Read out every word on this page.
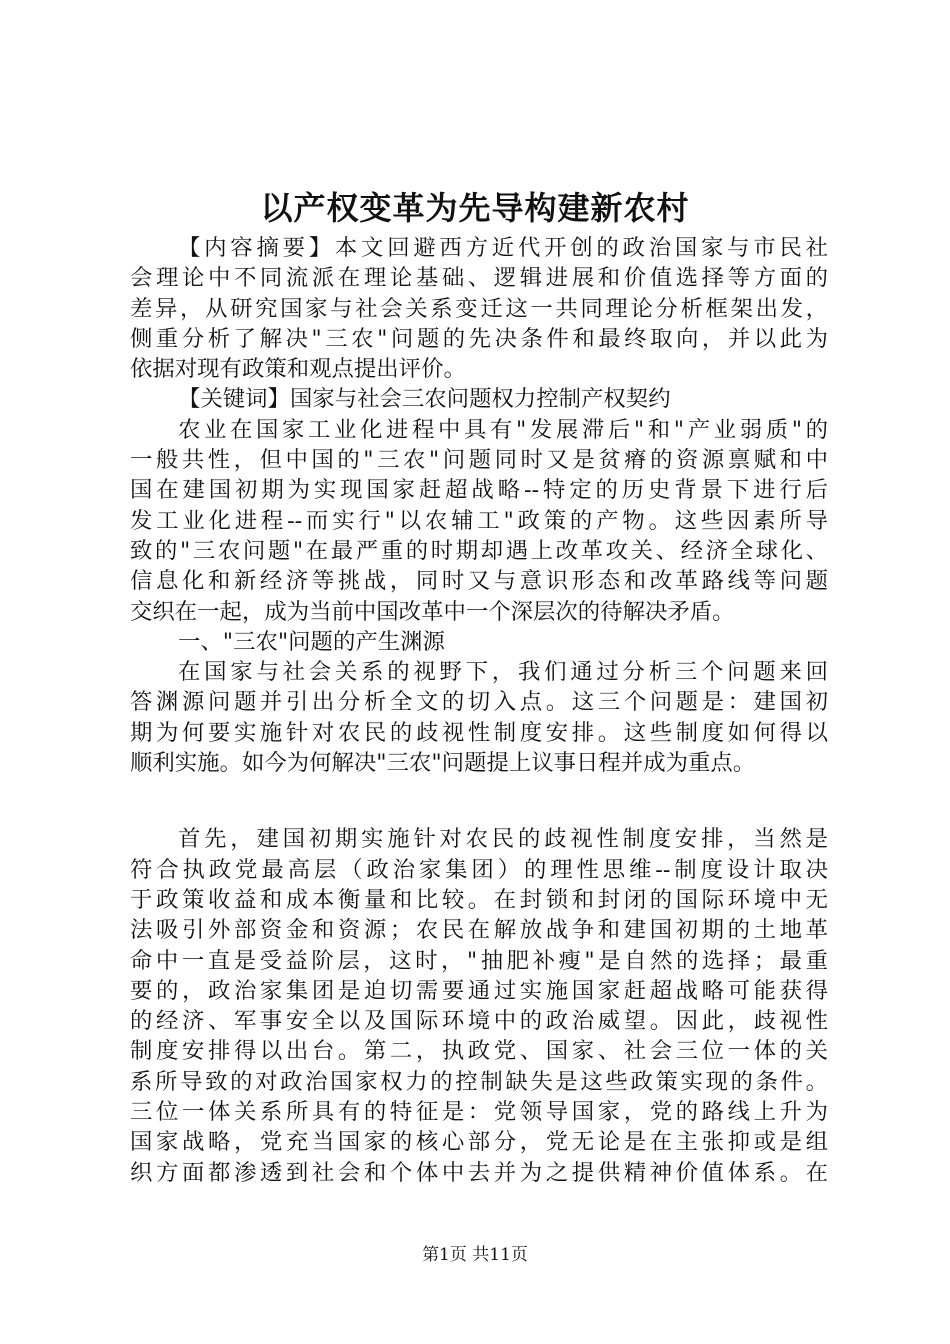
以产权变革为先导构建新农村
【内容摘要】本文回避西方近代开创的政治国家与市民社
会理论中不同流派在理论基础、逻辑进展和价值选择等方面的
差异，从研究国家与社会关系变迁这一共同理论分析框架出发，
侧重分析了解决"三农"问题的先决条件和最终取向，并以此为
依据对现有政策和观点提出评价。
【关键词】国家与社会三农问题权力控制产权契约
农业在国家工业化进程中具有"发展滞后"和"产业弱质"的
一般共性，但中国的"三农"问题同时又是贫瘠的资源禀赋和中
国在建国初期为实现国家赶超战略--特定的历史背景下进行后
发工业化进程--而实行"以农辅工"政策的产物。这些因素所导
致的"三农问题"在最严重的时期却遇上改革攻关、经济全球化、
信息化和新经济等挑战，同时又与意识形态和改革路线等问题
交织在一起，成为当前中国改革中一个深层次的待解决矛盾。
一、"三农"问题的产生渊源
在国家与社会关系的视野下，我们通过分析三个问题来回
答渊源问题并引出分析全文的切入点。这三个问题是：建国初
期为何要实施针对农民的歧视性制度安排。这些制度如何得以
顺利实施。如今为何解决"三农"问题提上议事日程并成为重点。
首先，建国初期实施针对农民的歧视性制度安排，当然是
符合执政党最高层（政治家集团）的理性思维--制度设计取决
于政策收益和成本衡量和比较。在封锁和封闭的国际环境中无
法吸引外部资金和资源；农民在解放战争和建国初期的土地革
命中一直是受益阶层，这时，"抽肥补瘦"是自然的选择；最重
要的，政治家集团是迫切需要通过实施国家赶超战略可能获得
的经济、军事安全以及国际环境中的政治威望。因此，歧视性
制度安排得以出台。第二，执政党、国家、社会三位一体的关
系所导致的对政治国家权力的控制缺失是这些政策实现的条件。
三位一体关系所具有的特征是：党领导国家，党的路线上升为
国家战略，党充当国家的核心部分，党无论是在主张抑或是组
织方面都渗透到社会和个体中去并为之提供精神价值体系。在
第1页 共11页
